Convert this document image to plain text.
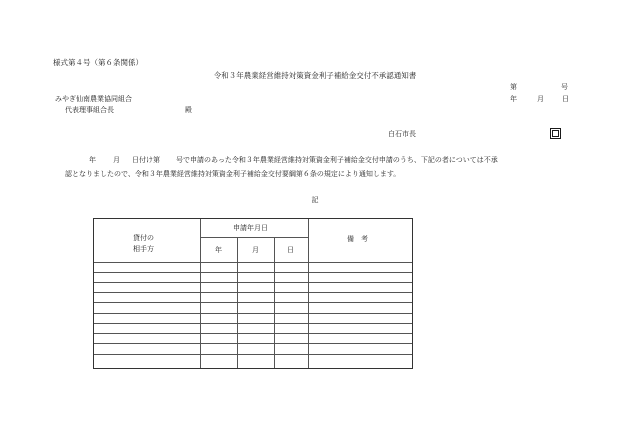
様式第４号（第６条関係）
令和３年農業経営維持対策資金利子補給金交付不承認通知書
第	号
みやぎ仙南農業協同組合	年	月	日
代表理事組合長	殿
白石市長
年 月 日付け第 号で申請のあった令和３年農業経営維持対策資金利子補給金交付申請のうち、下記の者については不承
認となりましたので、令和３年農業経営維持対策資金利子補給金交付要綱第６条の規定により通知します。
記
貸付の
相手方
申請年月日
年	月	日
備　考
